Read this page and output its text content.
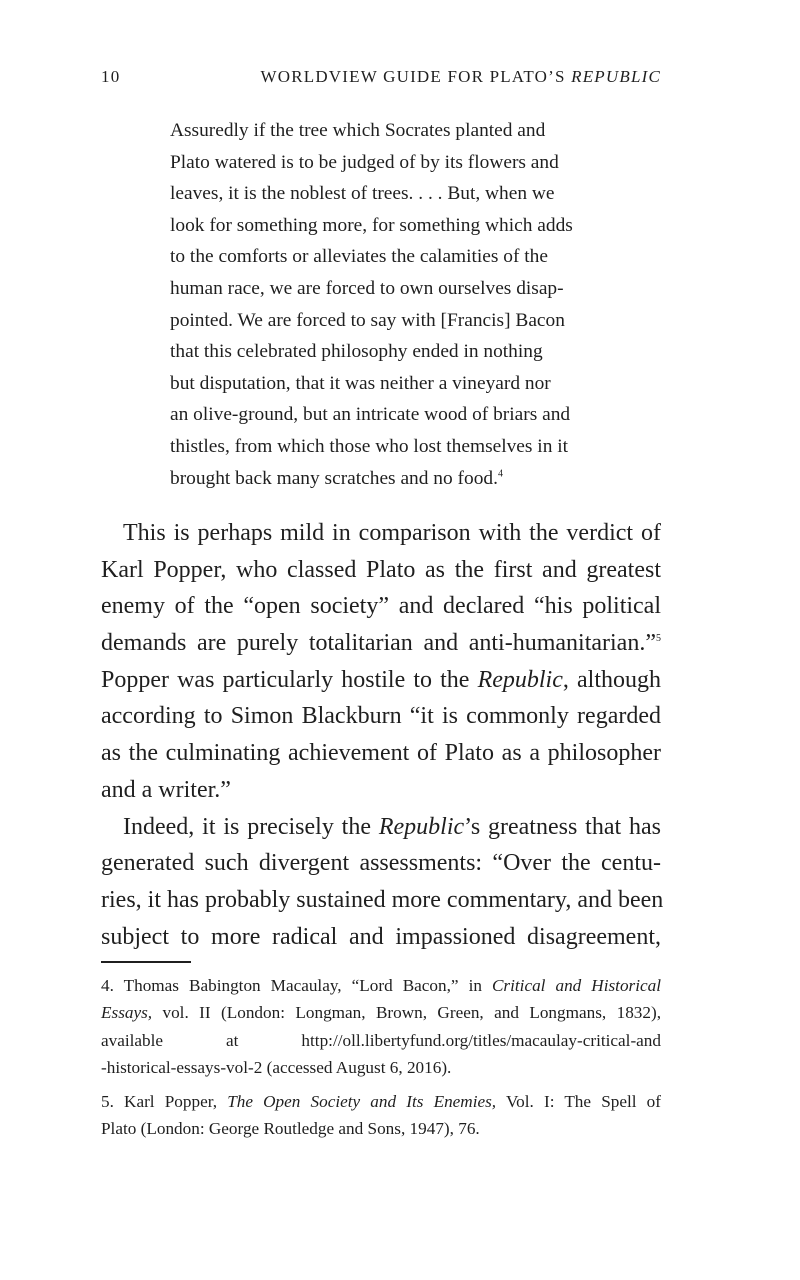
10	WORLDVIEW GUIDE FOR PLATO’S REPUBLIC
Assuredly if the tree which Socrates planted and
Plato watered is to be judged of by its flowers and
leaves, it is the noblest of trees. . . . But, when we
look for something more, for something which adds
to the comforts or alleviates the calamities of the
human race, we are forced to own ourselves disap-
pointed. We are forced to say with [Francis] Bacon
that this celebrated philosophy ended in nothing
but disputation, that it was neither a vineyard nor
an olive-ground, but an intricate wood of briars and
thistles, from which those who lost themselves in it
brought back many scratches and no food.$^4$
This is perhaps mild in comparison with the verdict of
Karl Popper, who classed Plato as the first and greatest
enemy of the “open society” and declared “his political
demands are purely totalitarian and anti-humanitarian.”$^5$
Popper was particularly hostile to the Republic, although
according to Simon Blackburn “it is commonly regarded
as the culminating achievement of Plato as a philosopher
and a writer.”
Indeed, it is precisely the Republic’s greatness that has
generated such divergent assessments: “Over the centu-
ries, it has probably sustained more commentary, and been
subject to more radical and impassioned disagreement,
4. Thomas Babington Macaulay, “Lord Bacon,” in Critical and Historical
Essays, vol. II (London: Longman, Brown, Green, and Longmans, 1832),
available at http://oll.libertyfund.org/titles/macaulay-critical-and
-historical-essays-vol-2 (accessed August 6, 2016).
5. Karl Popper, The Open Society and Its Enemies, Vol. I: The Spell of
Plato (London: George Routledge and Sons, 1947), 76.
